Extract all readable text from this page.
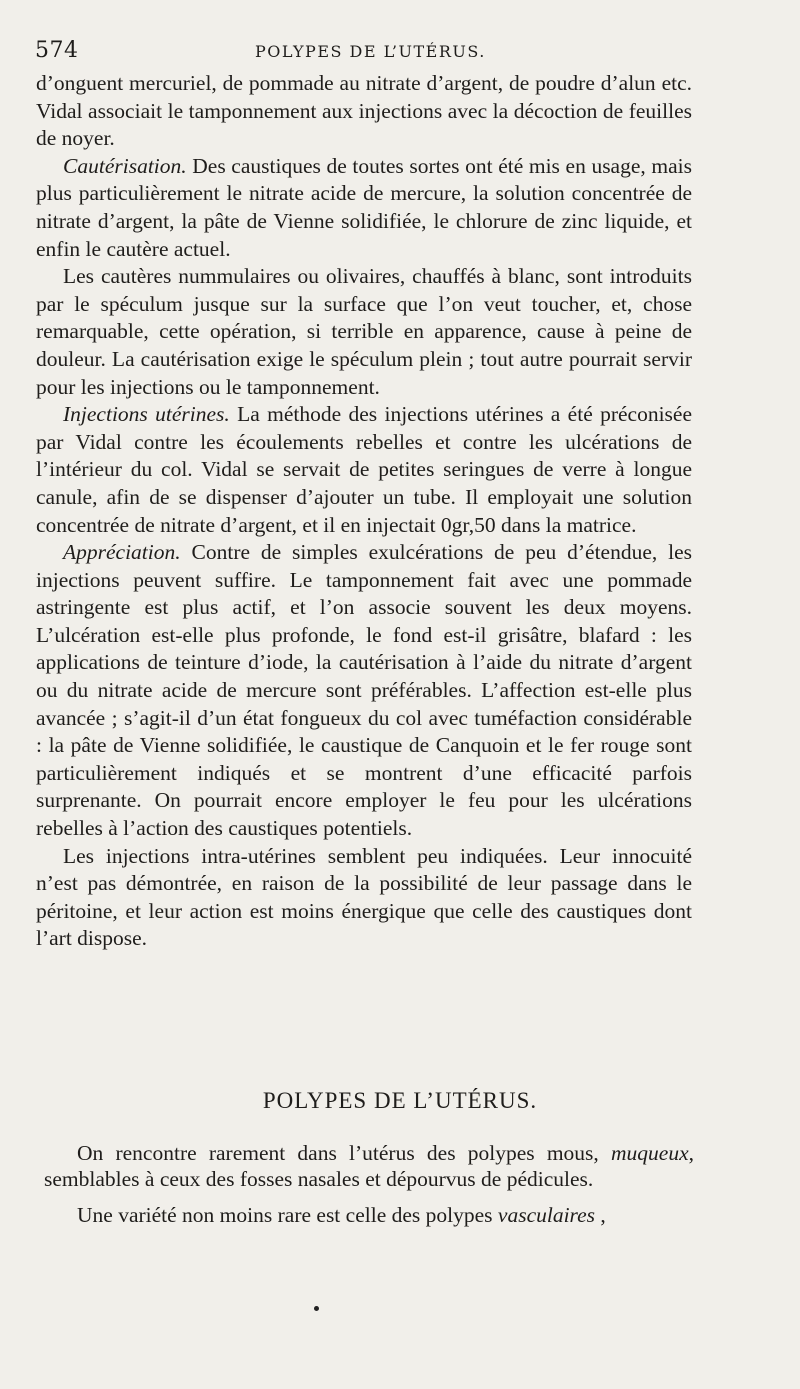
574	POLYPES DE L’UTÉRUS.

d’onguent mercuriel, de pommade au nitrate d’argent, de poudre d’alun etc. Vidal associait le tamponnement aux injections avec la décoction de feuilles de noyer.

Cautérisation. Des caustiques de toutes sortes ont été mis en usage, mais plus particulièrement le nitrate acide de mercure, la solution concentrée de nitrate d’argent, la pâte de Vienne solidifiée, le chlorure de zinc liquide, et enfin le cautère actuel.

Les cautères nummulaires ou olivaires, chauffés à blanc, sont introduits par le spéculum jusque sur la surface que l’on veut toucher, et, chose remarquable, cette opération, si terrible en apparence, cause à peine de douleur. La cautérisation exige le spéculum plein ; tout autre pourrait servir pour les injections ou le tamponnement.

Injections utérines. La méthode des injections utérines a été préconisée par Vidal contre les écoulements rebelles et contre les ulcérations de l’intérieur du col. Vidal se servait de petites seringues de verre à longue canule, afin de se dispenser d’ajouter un tube. Il employait une solution concentrée de nitrate d’argent, et il en injectait 0gr,50 dans la matrice.

Appréciation. Contre de simples exulcérations de peu d’étendue, les injections peuvent suffire. Le tamponnement fait avec une pommade astringente est plus actif, et l’on associe souvent les deux moyens. L’ulcération est-elle plus profonde, le fond est-il grisâtre, blafard : les applications de teinture d’iode, la cautérisation à l’aide du nitrate d’argent ou du nitrate acide de mercure sont préférables. L’affection est-elle plus avancée ; s’agit-il d’un état fongueux du col avec tuméfaction considérable : la pâte de Vienne solidifiée, le caustique de Canquoin et le fer rouge sont particulièrement indiqués et se montrent d’une efficacité parfois surprenante. On pourrait encore employer le feu pour les ulcérations rebelles à l’action des caustiques potentiels.

Les injections intra-utérines semblent peu indiquées. Leur innocuité n’est pas démontrée, en raison de la possibilité de leur passage dans le péritoine, et leur action est moins énergique que celle des caustiques dont l’art dispose.

POLYPES DE L’UTÉRUS.

On rencontre rarement dans l’utérus des polypes mous, muqueux, semblables à ceux des fosses nasales et dépourvus de pédicules.

Une variété non moins rare est celle des polypes vasculaires ,
